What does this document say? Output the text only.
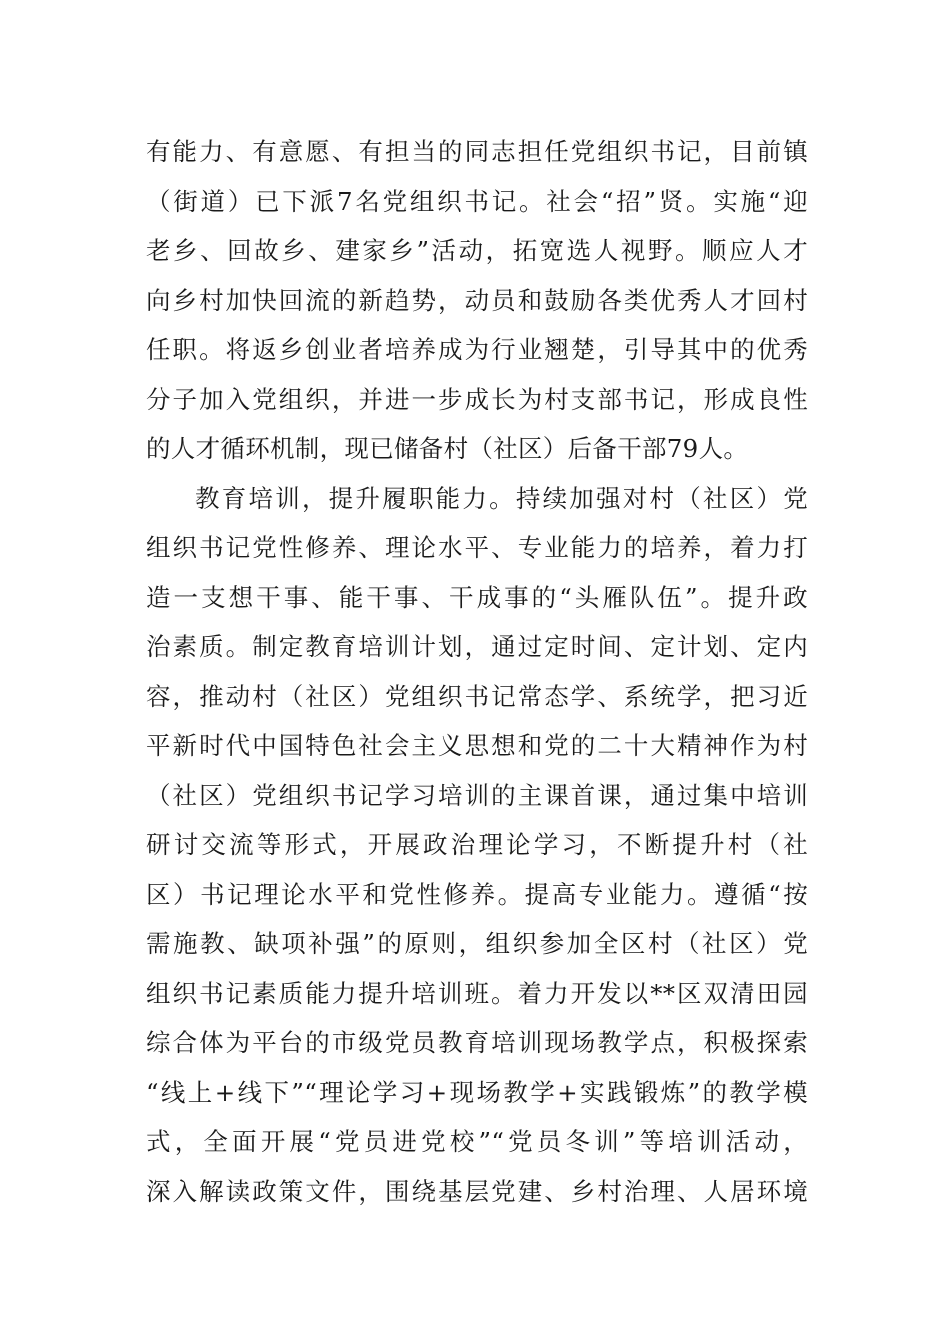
有能力、有意愿、有担当的同志担任党组织书记，目前镇
（街道）已下派7名党组织书记。社会“招”贤。实施“迎
老乡、回故乡、建家乡”活动，拓宽选人视野。顺应人才
向乡村加快回流的新趋势，动员和鼓励各类优秀人才回村
任职。将返乡创业者培养成为行业翘楚，引导其中的优秀
分子加入党组织，并进一步成长为村支部书记，形成良性
的人才循环机制，现已储备村（社区）后备干部79人。
教育培训，提升履职能力。持续加强对村（社区）党
组织书记党性修养、理论水平、专业能力的培养，着力打
造一支想干事、能干事、干成事的“头雁队伍”。提升政
治素质。制定教育培训计划，通过定时间、定计划、定内
容，推动村（社区）党组织书记常态学、系统学，把习近
平新时代中国特色社会主义思想和党的二十大精神作为村
（社区）党组织书记学习培训的主课首课，通过集中培训
研讨交流等形式，开展政治理论学习，不断提升村（社
区）书记理论水平和党性修养。提高专业能力。遵循“按
需施教、缺项补强”的原则，组织参加全区村（社区）党
组织书记素质能力提升培训班。着力开发以**区双清田园
综合体为平台的市级党员教育培训现场教学点，积极探索
“线上+线下”“理论学习+现场教学+实践锻炼”的教学模
式，全面开展“党员进党校”“党员冬训”等培训活动，
深入解读政策文件，围绕基层党建、乡村治理、人居环境
